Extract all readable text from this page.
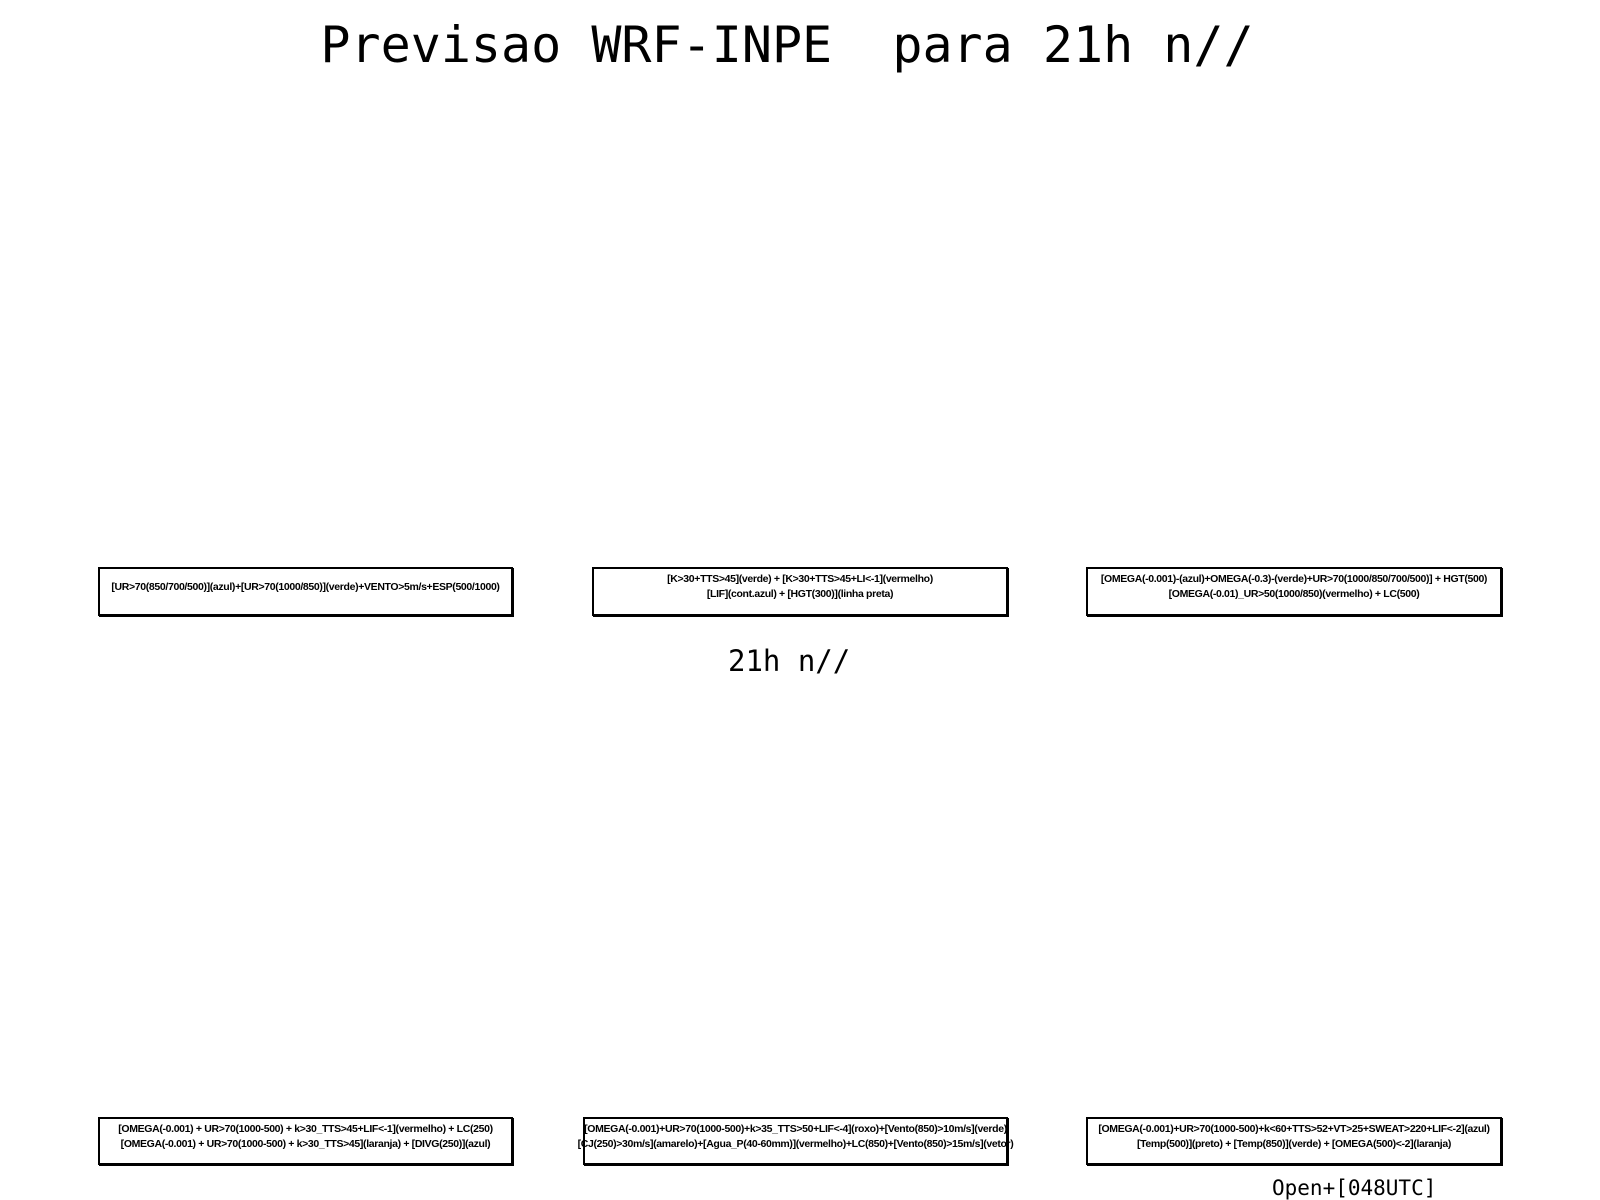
Previsao WRF-INPE  para 21h n//
[UR>70(850/700/500)](azul)+[UR>70(1000/850)](verde)+VENTO>5m/s+ESP(500/1000)
[K>30+TTS>45](verde) + [K>30+TTS>45+LI<-1](vermelho)
[LIF](cont.azul) + [HGT(300)](linha preta)
[OMEGA(-0.001)-(azul)+OMEGA(-0.3)-(verde)+UR>70(1000/850/700/500)] + HGT(500)
[OMEGA(-0.01)_UR>50(1000/850)(vermelho) + LC(500)
21h n//
[OMEGA(-0.001) + UR>70(1000-500) + k>30_TTS>45+LIF<-1](vermelho) + LC(250)
[OMEGA(-0.001) + UR>70(1000-500) + k>30_TTS>45](laranja) + [DIVG(250)](azul)
[OMEGA(-0.001)+UR>70(1000-500)+k>35_TTS>50+LIF<-4](roxo)+[Vento(850)>10m/s](verde)
[CJ(250)>30m/s](amarelo)+[Agua_P(40-60mm)](vermelho)+LC(850)+[Vento(850)>15m/s](vetor)
[OMEGA(-0.001)+UR>70(1000-500)+k<60+TTS>52+VT>25+SWEAT>220+LIF<-2](azul)
[Temp(500)](preto) + [Temp(850)](verde) + [OMEGA(500)<-2](laranja)
Open+[048UTC]
